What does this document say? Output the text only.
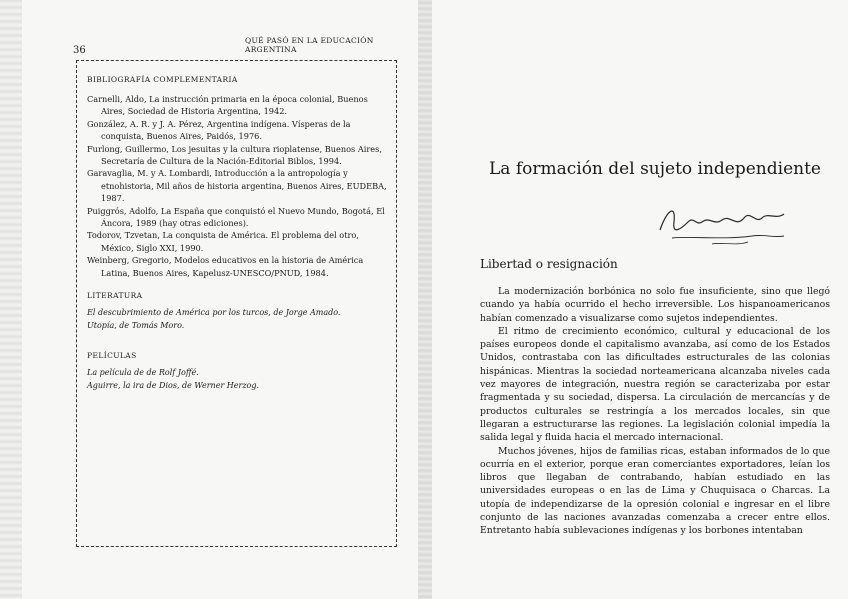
36
QUÉ PASÓ EN LA EDUCACIÓN ARGENTINA
BIBLIOGRAFÍA COMPLEMENTARIA

Carnelli, Aldo, La instrucción primaria en la época colonial, Buenos Aires, Sociedad de Historia Argentina, 1942.

González, A. R. y J. A. Pérez, Argentina indígena. Vísperas de la conquista, Buenos Aires, Paidós, 1976.

Furlong, Guillermo, Los jesuitas y la cultura rioplatense, Buenos Aires, Secretaría de Cultura de la Nación-Editorial Biblos, 1994.

Garavaglia, M. y A. Lombardi, Introducción a la antropología y etnohistoria, Mil años de historia argentina, Buenos Aires, EUDEBA, 1987.

Puiggrós, Adolfo, La España que conquistó el Nuevo Mundo, Bogotá, El Áncora, 1989 (hay otras ediciones).

Todorov, Tzvetan, La conquista de América. El problema del otro, México, Siglo XXI, 1990.

Weinberg, Gregorio, Modelos educativos en la historia de América Latina, Buenos Aires, Kapelusz-UNESCO/PNUD, 1984.

LITERATURA

El descubrimiento de América por los turcos, de Jorge Amado.

Utopía, de Tomás Moro.

PELÍCULAS

La película de de Rolf Joffé.

Aguirre, la ira de Dios, de Werner Herzog.

La formación del sujeto independiente
Libertad o resignación

La modernización borbónica no solo fue insuficiente, sino que llegó cuando ya había ocurrido el hecho irreversible. Los hispanoamericanos habían comenzado a visualizarse como sujetos independientes.

El ritmo de crecimiento económico, cultural y educacional de los países europeos donde el capitalismo avanzaba, así como de los Estados Unidos, contrastaba con las dificultades estructurales de las colonias hispánicas. Mientras la sociedad norteamericana alcanzaba niveles cada vez mayores de integración, nuestra región se caracterizaba por estar fragmentada y su sociedad, dispersa. La circulación de mercancías y de productos culturales se restringía a los mercados locales, sin que llegaran a estructurarse las regiones. La legislación colonial impedía la salida legal y fluida hacia el mercado internacional.

Muchos jóvenes, hijos de familias ricas, estaban informados de lo que ocurría en el exterior, porque eran comerciantes exportadores, leían los libros que llegaban de contrabando, habían estudiado en las universidades europeas o en las de Lima y Chuquisaca o Charcas. La utopía de independizarse de la opresión colonial e ingresar en el libre conjunto de las naciones avanzadas comenzaba a crecer entre ellos. Entretanto había sublevaciones indígenas y los borbones intentaban
